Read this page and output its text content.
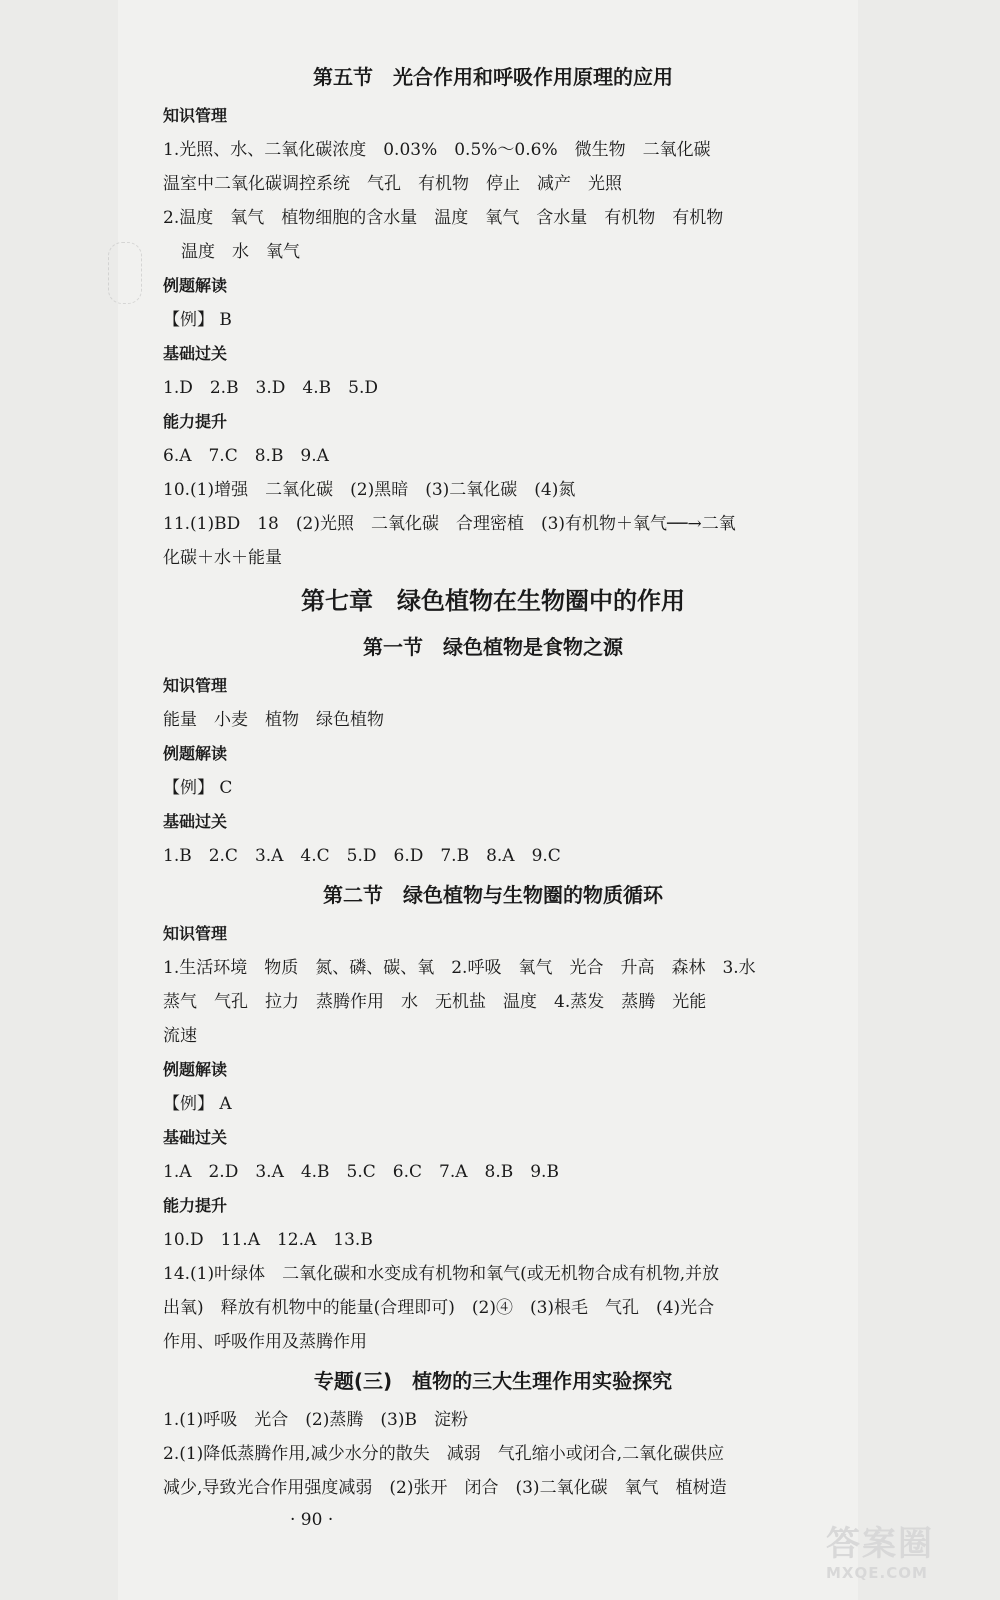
第五节　光合作用和呼吸作用原理的应用
知识管理
1.光照、水、二氧化碳浓度　0.03%　0.5%～0.6%　微生物　二氧化碳
温室中二氧化碳调控系统　气孔　有机物　停止　减产　光照
2.温度　氧气　植物细胞的含水量　温度　氧气　含水量　有机物　有机物
温度　水　氧气
例题解读
【例】 B
基础过关
1.D　2.B　3.D　4.B　5.D
能力提升
6.A　7.C　8.B　9.A
10.(1)增强　二氧化碳　(2)黑暗　(3)二氧化碳　(4)氮
11.(1)BD　18　(2)光照　二氧化碳　合理密植　(3)有机物＋氧气──→二氧
化碳＋水＋能量
第七章　绿色植物在生物圈中的作用
第一节　绿色植物是食物之源
知识管理
能量　小麦　植物　绿色植物
例题解读
【例】 C
基础过关
1.B　2.C　3.A　4.C　5.D　6.D　7.B　8.A　9.C
第二节　绿色植物与生物圈的物质循环
知识管理
1.生活环境　物质　氮、磷、碳、氧　2.呼吸　氧气　光合　升高　森林　3.水
蒸气　气孔　拉力　蒸腾作用　水　无机盐　温度　4.蒸发　蒸腾　光能
流速
例题解读
【例】 A
基础过关
1.A　2.D　3.A　4.B　5.C　6.C　7.A　8.B　9.B
能力提升
10.D　11.A　12.A　13.B
14.(1)叶绿体　二氧化碳和水变成有机物和氧气(或无机物合成有机物,并放
出氧)　释放有机物中的能量(合理即可)　(2)④　(3)根毛　气孔　(4)光合
作用、呼吸作用及蒸腾作用
专题(三)　植物的三大生理作用实验探究
1.(1)呼吸　光合　(2)蒸腾　(3)B　淀粉
2.(1)降低蒸腾作用,减少水分的散失　减弱　气孔缩小或闭合,二氧化碳供应
减少,导致光合作用强度减弱　(2)张开　闭合　(3)二氧化碳　氧气　植树造
· 90 ·
答案圈
MXQE.COM
